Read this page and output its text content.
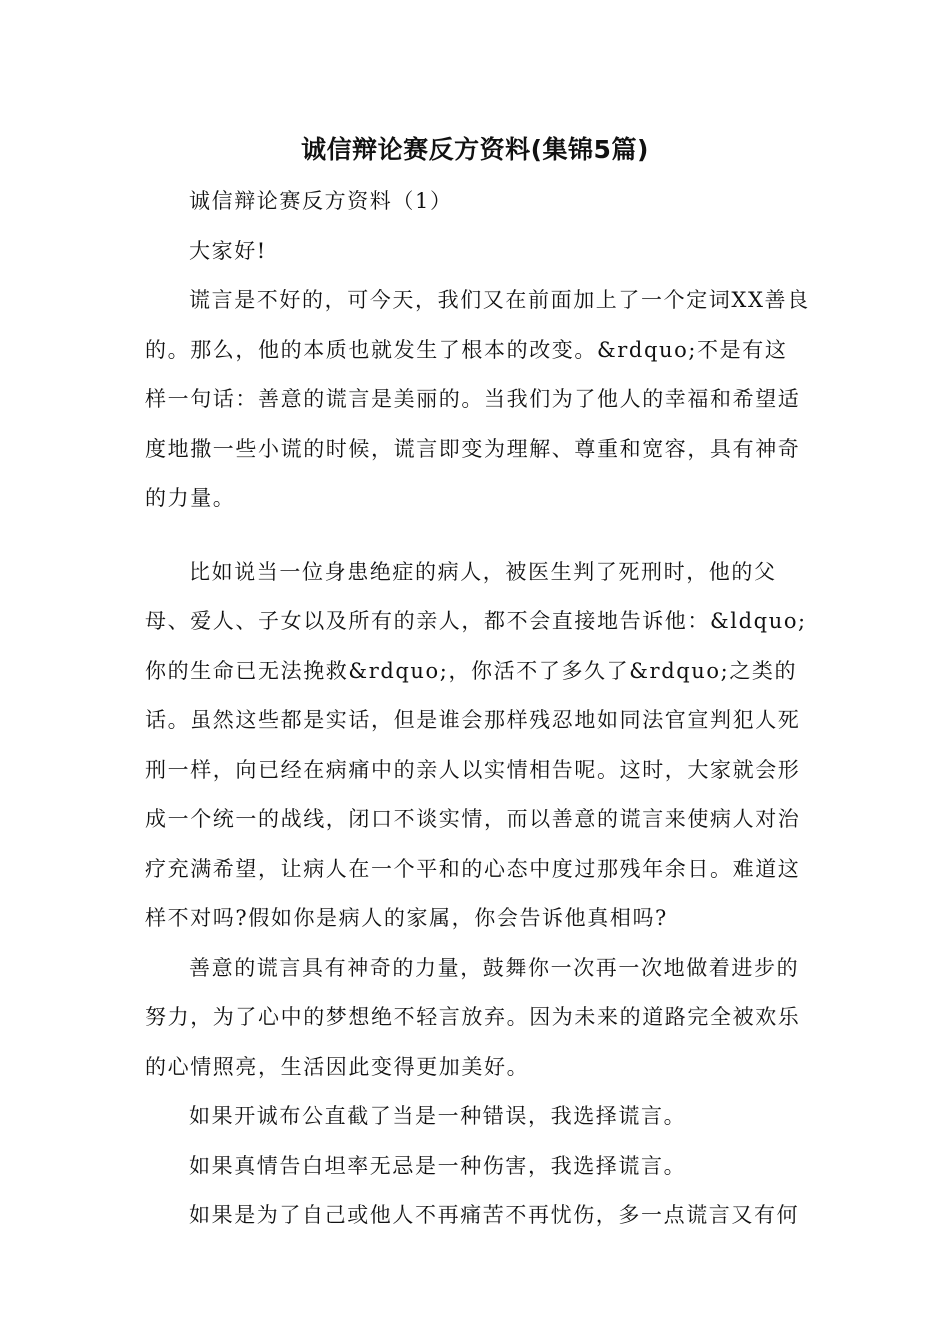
诚信辩论赛反方资料(集锦5篇)

诚信辩论赛反方资料（1）

大家好!

谎言是不好的，可今天，我们又在前面加上了一个定词XX善良的。那么，他的本质也就发生了根本的改变。&rdquo;不是有这样一句话：善意的谎言是美丽的。当我们为了他人的幸福和希望适度地撒一些小谎的时候，谎言即变为理解、尊重和宽容，具有神奇的力量。

比如说当一位身患绝症的病人，被医生判了死刑时，他的父母、爱人、子女以及所有的亲人，都不会直接地告诉他：&ldquo;你的生命已无法挽救&rdquo;，你活不了多久了&rdquo;之类的话。虽然这些都是实话，但是谁会那样残忍地如同法官宣判犯人死刑一样，向已经在病痛中的亲人以实情相告呢。这时，大家就会形成一个统一的战线，闭口不谈实情，而以善意的谎言来使病人对治疗充满希望，让病人在一个平和的心态中度过那残年余日。难道这样不对吗?假如你是病人的家属，你会告诉他真相吗?

善意的谎言具有神奇的力量，鼓舞你一次再一次地做着进步的努力，为了心中的梦想绝不轻言放弃。因为未来的道路完全被欢乐的心情照亮，生活因此变得更加美好。

如果开诚布公直截了当是一种错误，我选择谎言。

如果真情告白坦率无忌是一种伤害，我选择谎言。

如果是为了自己或他人不再痛苦不再忧伤，多一点谎言又有何
